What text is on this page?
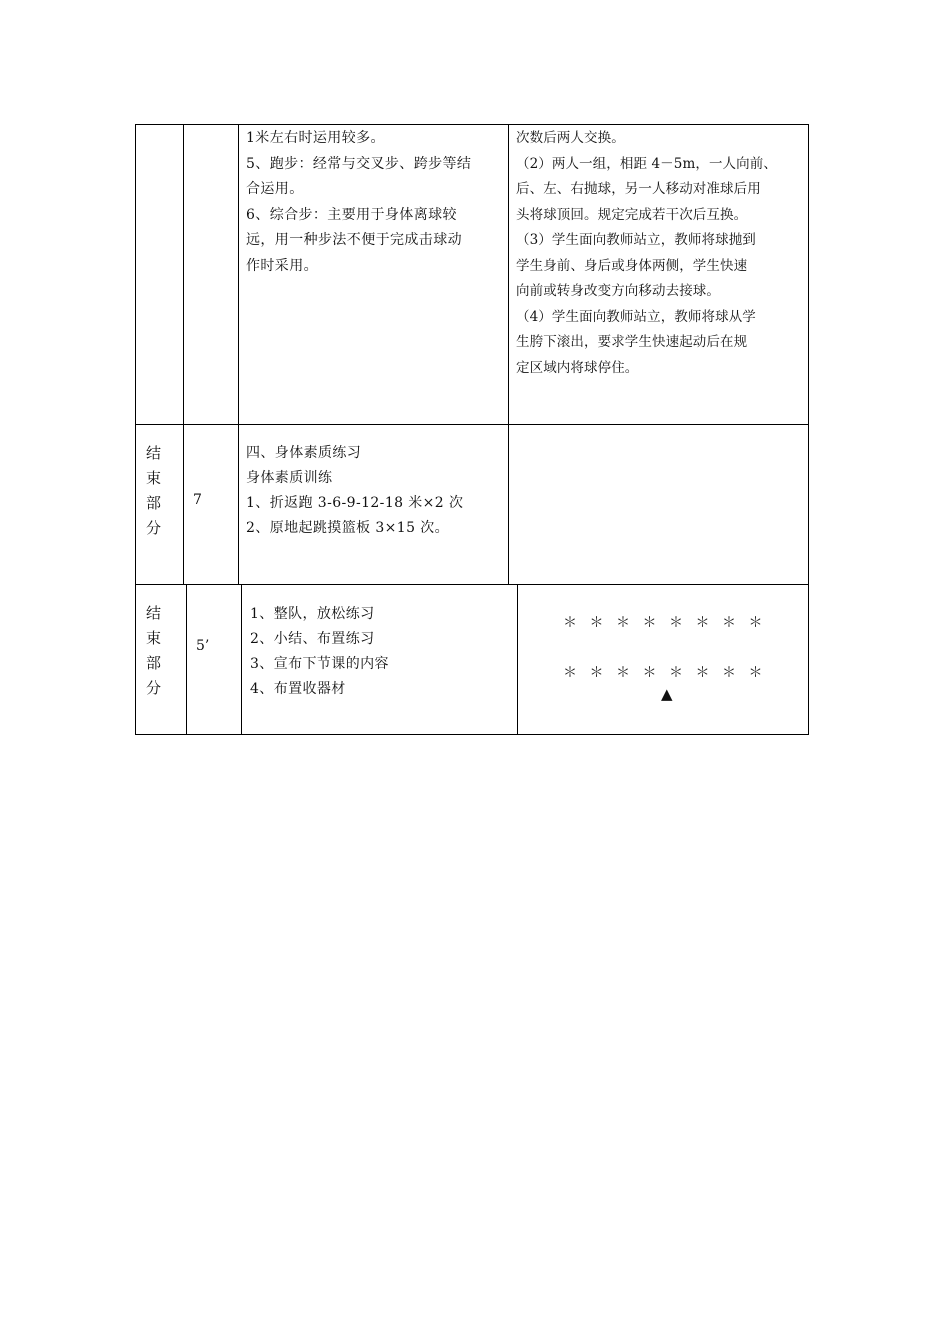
1米左右时运用较多。
5、跑步：经常与交叉步、跨步等结
合运用。
6、综合步：主要用于身体离球较
远，用一种步法不便于完成击球动
作时采用。
次数后两人交换。
（2）两人一组，相距 4－5m，一人向前、
后、左、右抛球，另一人移动对准球后用
头将球顶回。规定完成若干次后互换。
（3）学生面向教师站立，教师将球抛到
学生身前、身后或身体两侧，学生快速
向前或转身改变方向移动去接球。
（4）学生面向教师站立，教师将球从学
生胯下滚出，要求学生快速起动后在规
定区域内将球停住。
结
束
部
分
7
四、身体素质练习
身体素质训练
1、折返跑 3-6-9-12-18 米×2 次
2、原地起跳摸篮板 3×15 次。
结
束
部
分
5’
1、整队，放松练习
2、小结、布置练习
3、宣布下节课的内容
4、布置收器材
＊＊＊＊＊＊＊＊
＊＊＊＊＊＊＊＊
▲
